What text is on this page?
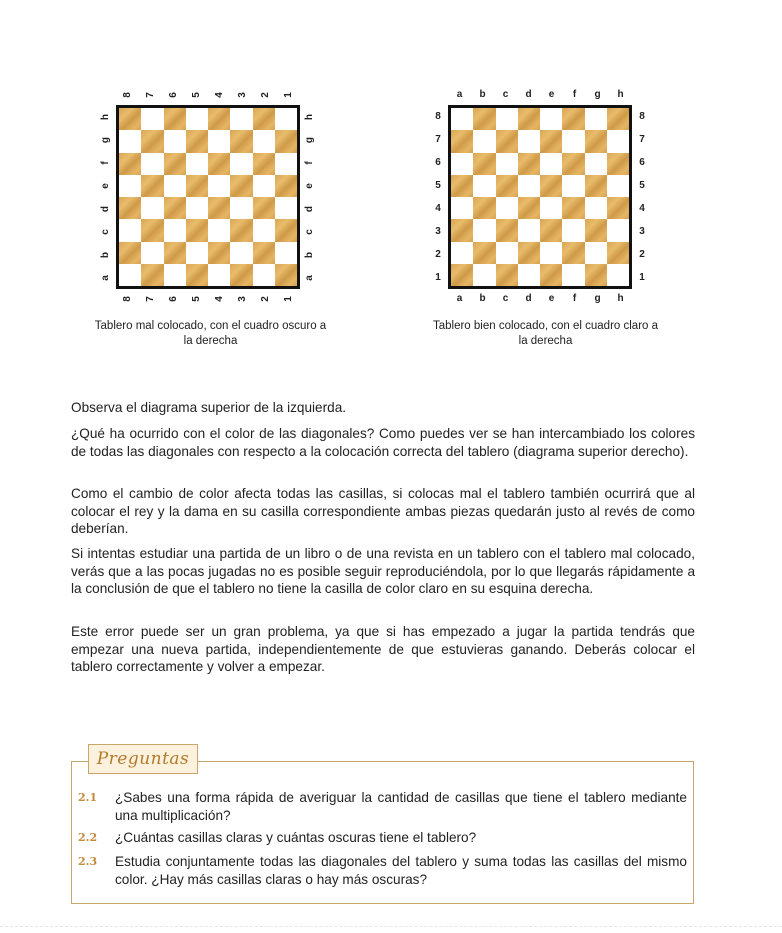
8
8
h	h
7
7
g	g
6
6
f	f
5
5
e	e
4
4
d	d
3
3
c	c
2
2
b	b
1
1
a	a
Tablero mal colocado, con el cuadro oscuro a la derecha
a
a
8	8
b
b
7	7
c
c
6	6
d
d
5	5
e
e
4	4
f
f
3	3
g
g
2	2
h
h
1	1
Tablero bien colocado, con el cuadro claro a la derecha

Observa el diagrama superior de la izquierda.

¿Qué ha ocurrido con el color de las diagonales? Como puedes ver se han intercambiado los colores de todas las diagonales con respecto a la colocación correcta del tablero (diagrama superior derecho).

Como el cambio de color afecta todas las casillas, si colocas mal el tablero también ocurrirá que al colocar el rey y la dama en su casilla correspondiente ambas piezas quedarán justo al revés de como deberían.

Si intentas estudiar una partida de un libro o de una revista en un tablero con el tablero mal colocado, verás que a las pocas jugadas no es posible seguir reproduciéndola, por lo que llegarás rápidamente a la conclusión de que el tablero no tiene la casilla de color claro en su esquina derecha.

Este error puede ser un gran problema, ya que si has empezado a jugar la partida tendrás que empezar una nueva partida, independientemente de que estuvieras ganando. Deberás colocar el tablero correctamente y volver a empezar.

Preguntas
2.1	¿Sabes una forma rápida de averiguar la cantidad de casillas que tiene el tablero mediante una multiplicación?
2.2	¿Cuántas casillas claras y cuántas oscuras tiene el tablero?
2.3	Estudia conjuntamente todas las diagonales del tablero y suma todas las casillas del mismo color. ¿Hay más casillas claras o hay más oscuras?
